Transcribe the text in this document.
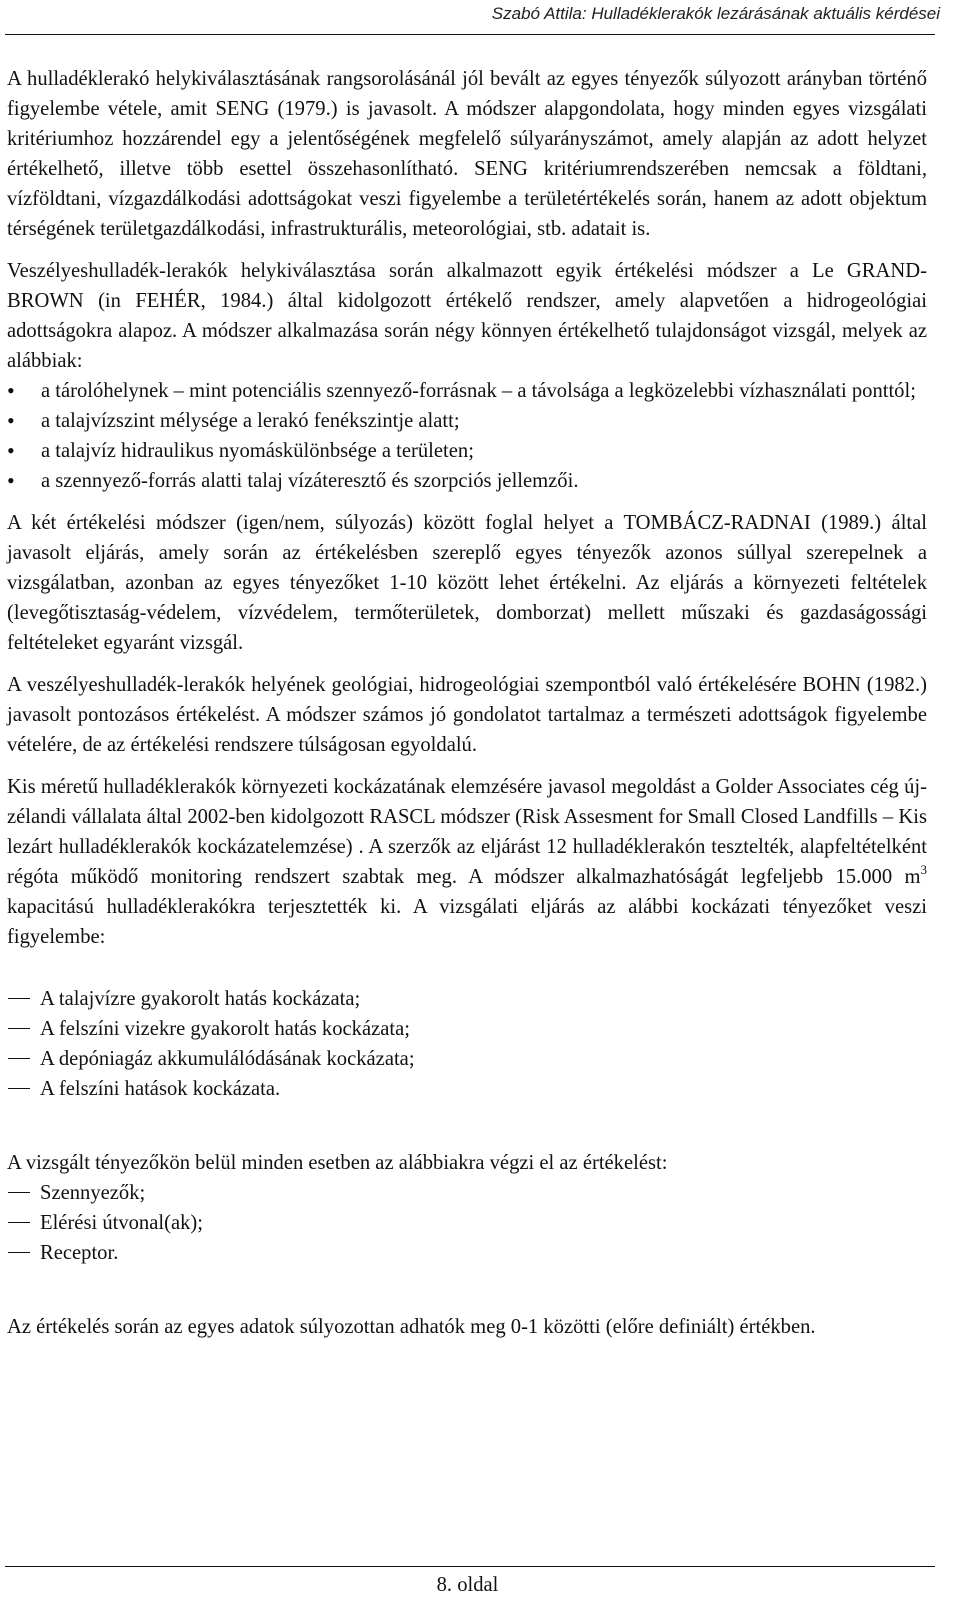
Szabó Attila: Hulladéklerakók lezárásának aktuális kérdései

A hulladéklerakó helykiválasztásának rangsorolásánál jól bevált az egyes tényezők súlyozott arányban történő figyelembe vétele, amit SENG (1979.) is javasolt. A módszer alapgondolata, hogy minden egyes vizsgálati kritériumhoz hozzárendel egy a jelentőségének megfelelő súlyarányszámot, amely alapján az adott helyzet értékelhető, illetve több esettel összehasonlítható. SENG kritériumrendszerében nemcsak a földtani, vízföldtani, vízgazdálkodási adottságokat veszi figyelembe a területértékelés során, hanem az adott objektum térségének területgazdálkodási, infrastrukturális, meteorológiai, stb. adatait is.

Veszélyeshulladék-lerakók helykiválasztása során alkalmazott egyik értékelési módszer a Le GRAND-BROWN (in FEHÉR, 1984.) által kidolgozott értékelő rendszer, amely alapvetően a hidrogeológiai adottságokra alapoz. A módszer alkalmazása során négy könnyen értékelhető tulajdonságot vizsgál, melyek az alábbiak:

• a tárolóhelynek – mint potenciális szennyező-forrásnak – a távolsága a legközelebbi vízhasználati ponttól;
• a talajvízszint mélysége a lerakó fenékszintje alatt;
• a talajvíz hidraulikus nyomáskülönbsége a területen;
• a szennyező-forrás alatti talaj vízáteresztő és szorpciós jellemzői.

A két értékelési módszer (igen/nem, súlyozás) között foglal helyet a TOMBÁCZ-RADNAI (1989.) által javasolt eljárás, amely során az értékelésben szereplő egyes tényezők azonos súllyal szerepelnek a vizsgálatban, azonban az egyes tényezőket 1-10 között lehet értékelni. Az eljárás a környezeti feltételek (levegőtisztaság-védelem, vízvédelem, termőterületek, domborzat) mellett műszaki és gazdaságossági feltételeket egyaránt vizsgál.

A veszélyeshulladék-lerakók helyének geológiai, hidrogeológiai szempontból való értékelésére BOHN (1982.) javasolt pontozásos értékelést. A módszer számos jó gondolatot tartalmaz a természeti adottságok figyelembe vételére, de az értékelési rendszere túlságosan egyoldalú.

Kis méretű hulladéklerakók környezeti kockázatának elemzésére javasol megoldást a Golder Associates cég új-zélandi vállalata által 2002-ben kidolgozott RASCL módszer (Risk Assesment for Small Closed Landfills – Kis lezárt hulladéklerakók kockázatelemzése) . A szerzők az eljárást 12 hulladéklerakón tesztelték, alapfeltételként régóta működő monitoring rendszert szabtak meg. A módszer alkalmazhatóságát legfeljebb 15.000 $m^3$ kapacitású hulladéklerakókra terjesztették ki. A vizsgálati eljárás az alábbi kockázati tényezőket veszi figyelembe:

A talajvízre gyakorolt hatás kockázata;
A felszíni vizekre gyakorolt hatás kockázata;
A depóniagáz akkumulálódásának kockázata;
A felszíni hatások kockázata.

A vizsgált tényezőkön belül minden esetben az alábbiakra végzi el az értékelést:

Szennyezők;
Elérési útvonal(ak);
Receptor.

Az értékelés során az egyes adatok súlyozottan adhatók meg 0-1 közötti (előre definiált) értékben.

8. oldal
